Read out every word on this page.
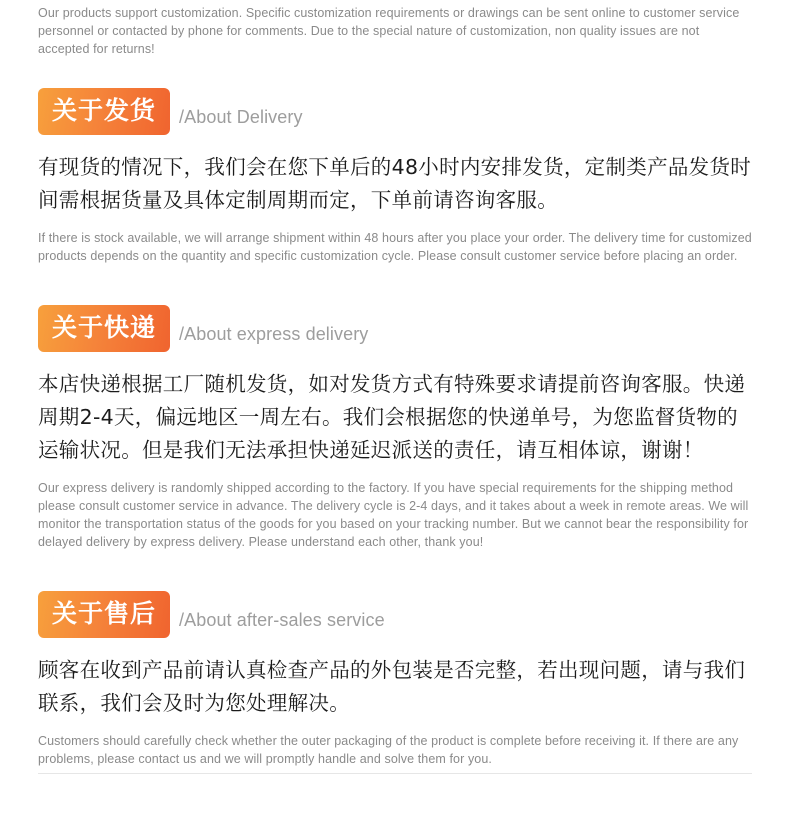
Our products support customization. Specific customization requirements or drawings can be sent online to customer service personnel or contacted by phone for comments. Due to the special nature of customization, non quality issues are not accepted for returns!

关于发货	/About Delivery

有现货的情况下，我们会在您下单后的48小时内安排发货，定制类产品发货时间需根据货量及具体定制周期而定，下单前请咨询客服。

If there is stock available, we will arrange shipment within 48 hours after you place your order. The delivery time for customized products depends on the quantity and specific customization cycle. Please consult customer service before placing an order.

关于快递	/About express delivery

本店快递根据工厂随机发货，如对发货方式有特殊要求请提前咨询客服。快递周期2-4天，偏远地区一周左右。我们会根据您的快递单号，为您监督货物的运输状况。但是我们无法承担快递延迟派送的责任，请互相体谅，谢谢！

Our express delivery is randomly shipped according to the factory. If you have special requirements for the shipping method please consult customer service in advance. The delivery cycle is 2-4 days, and it takes about a week in remote areas. We will monitor the transportation status of the goods for you based on your tracking number. But we cannot bear the responsibility for delayed delivery by express delivery. Please understand each other, thank you!

关于售后	/About after-sales service

顾客在收到产品前请认真检查产品的外包装是否完整，若出现问题，请与我们联系，我们会及时为您处理解决。

Customers should carefully check whether the outer packaging of the product is complete before receiving it. If there are any problems, please contact us and we will promptly handle and solve them for you.
